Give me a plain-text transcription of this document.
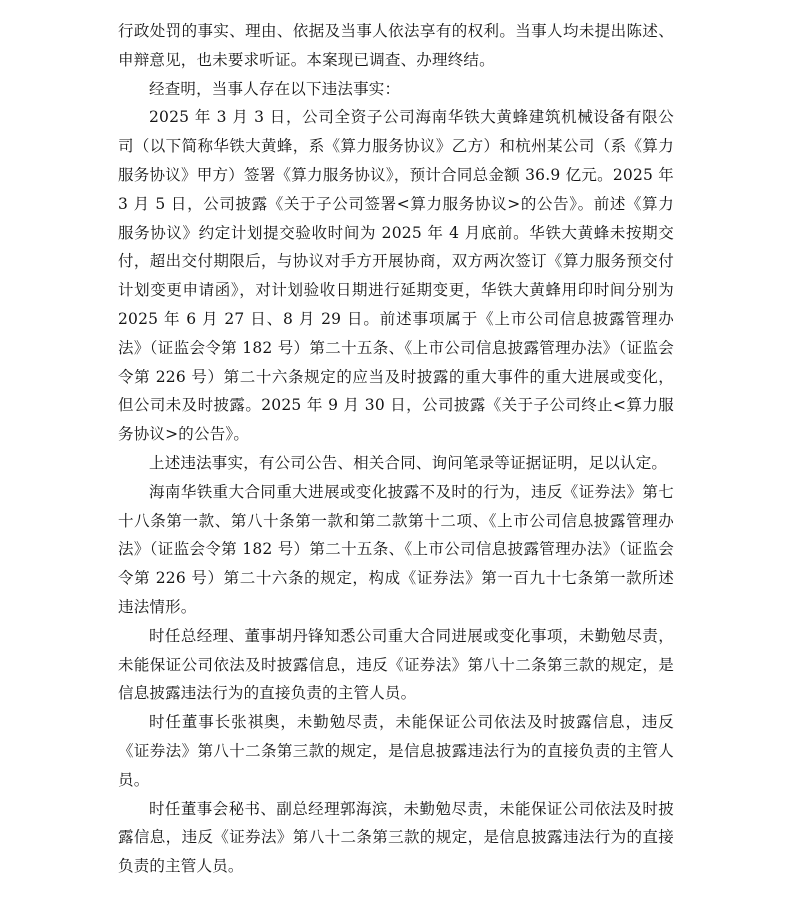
行政处罚的事实、理由、依据及当事人依法享有的权利。当事人均未提出陈述、申辩意见，也未要求听证。本案现已调查、办理终结。

经查明，当事人存在以下违法事实：

2025 年 3 月 3 日，公司全资子公司海南华铁大黄蜂建筑机械设备有限公司（以下简称华铁大黄蜂，系《算力服务协议》乙方）和杭州某公司（系《算力服务协议》甲方）签署《算力服务协议》，预计合同总金额 36.9 亿元。2025 年 3 月 5 日，公司披露《关于子公司签署<算力服务协议>的公告》。前述《算力服务协议》约定计划提交验收时间为 2025 年 4 月底前。华铁大黄蜂未按期交付，超出交付期限后，与协议对手方开展协商，双方两次签订《算力服务预交付计划变更申请函》，对计划验收日期进行延期变更，华铁大黄蜂用印时间分别为 2025 年 6 月 27 日、8 月 29 日。前述事项属于《上市公司信息披露管理办法》（证监会令第 182 号）第二十五条、《上市公司信息披露管理办法》（证监会令第 226 号）第二十六条规定的应当及时披露的重大事件的重大进展或变化，但公司未及时披露。2025 年 9 月 30 日，公司披露《关于子公司终止<算力服务协议>的公告》。

上述违法事实，有公司公告、相关合同、询问笔录等证据证明，足以认定。

海南华铁重大合同重大进展或变化披露不及时的行为，违反《证券法》第七十八条第一款、第八十条第一款和第二款第十二项、《上市公司信息披露管理办法》（证监会令第 182 号）第二十五条、《上市公司信息披露管理办法》（证监会令第 226 号）第二十六条的规定，构成《证券法》第一百九十七条第一款所述违法情形。

时任总经理、董事胡丹锋知悉公司重大合同进展或变化事项，未勤勉尽责，未能保证公司依法及时披露信息，违反《证券法》第八十二条第三款的规定，是信息披露违法行为的直接负责的主管人员。

时任董事长张祺奥，未勤勉尽责，未能保证公司依法及时披露信息，违反《证券法》第八十二条第三款的规定，是信息披露违法行为的直接负责的主管人员。

时任董事会秘书、副总经理郭海滨，未勤勉尽责，未能保证公司依法及时披露信息，违反《证券法》第八十二条第三款的规定，是信息披露违法行为的直接负责的主管人员。
